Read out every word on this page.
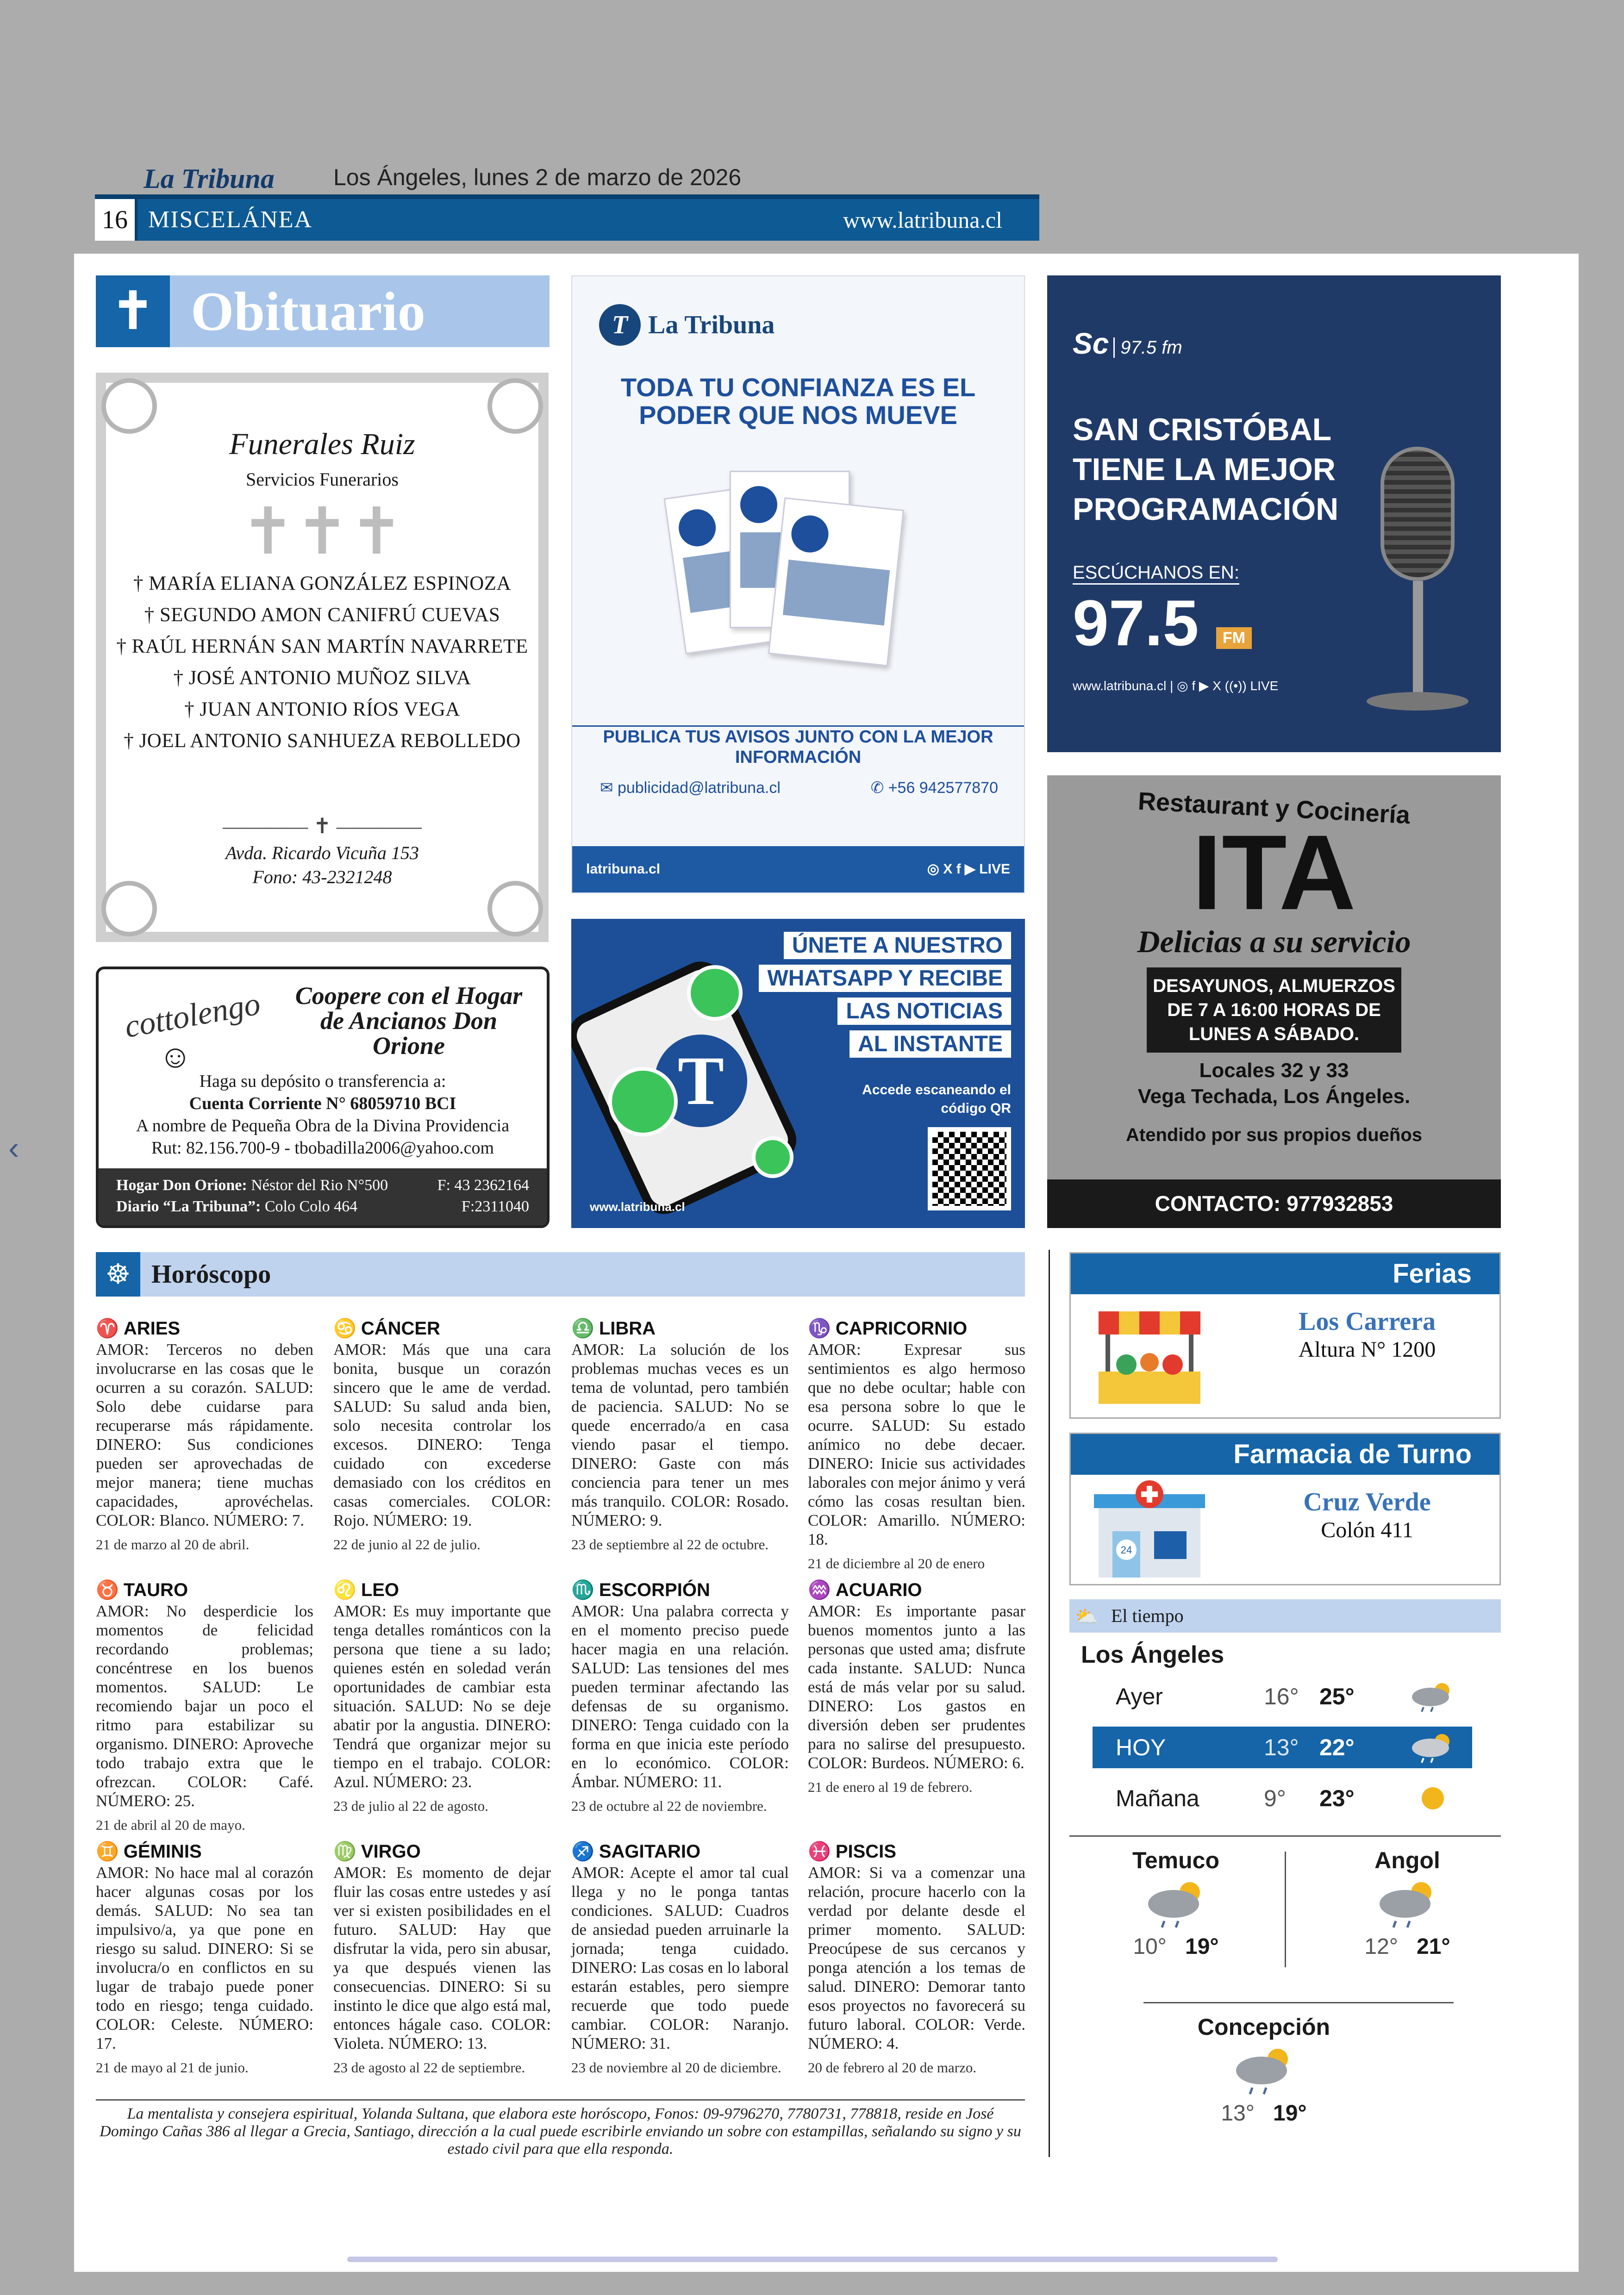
La Tribuna	Los Ángeles, lunes 2 de marzo de 2026
16 MISCELÁNEA	www.latribuna.cl
✝ Obituario
Funerales Ruiz
Servicios Funerarios
✝✝✝
† MARÍA ELIANA GONZÁLEZ ESPINOZA
† SEGUNDO AMON CANIFRÚ CUEVAS
† RAÚL HERNÁN SAN MARTÍN NAVARRETE
† JOSÉ ANTONIO MUÑOZ SILVA
† JUAN ANTONIO RÍOS VEGA
† JOEL ANTONIO SANHUEZA REBOLLEDO
———— ✝ ————
Avda. Ricardo Vicuña 153
Fono: 43-2321248
cottolengo
☺
Coopere con el Hogar de Ancianos Don Orione
Haga su depósito o transferencia a:
Cuenta Corriente N° 68059710 BCI
A nombre de Pequeña Obra de la Divina Providencia
Rut: 82.156.700-9 - tbobadilla2006@yahoo.com
Hogar Don Orione: Néstor del Rio N°500	F: 43 2362164
Diario “La Tribuna”: Colo Colo 464	F:2311040
T La Tribuna
TODA TU CONFIANZA ES EL PODER QUE NOS MUEVE
PUBLICA TUS AVISOS JUNTO CON LA MEJOR INFORMACIÓN
✉ publicidad@latribuna.cl	✆ +56 942577870
latribuna.cl	◎ X f ▶ LIVE
Sc 97.5 fm
SAN CRISTÓBAL TIENE LA MEJOR PROGRAMACIÓN
ESCÚCHANOS EN:
97.5	FM
www.latribuna.cl | ◎ f ▶ X ((•)) LIVE
T
ÚNETE A NUESTRO
WHATSAPP Y RECIBE
LAS NOTICIAS
AL INSTANTE
Accede escaneando el código QR
www.latribuna.cl
Restaurant y Cocinería
ITA
Delicias a su servicio
DESAYUNOS, ALMUERZOS DE 7 A 16:00 HORAS DE LUNES A SÁBADO.
Locales 32 y 33
Vega Techada, Los Ángeles.
Atendido por sus propios dueños
CONTACTO: 977932853
☸ Horóscopo
♈ ARIES
AMOR: Terceros no deben involucrarse en las cosas que le ocurren a su corazón. SALUD: Solo debe cuidarse para recuperarse más rápidamente. DINERO: Sus condiciones pueden ser aprovechadas de mejor manera; tiene muchas capacidades, aprovéchelas. COLOR: Blanco. NÚMERO: 7.
21 de marzo al 20 de abril.
♋ CÁNCER
AMOR: Más que una cara bonita, busque un corazón sincero que le ame de verdad. SALUD: Su salud anda bien, solo necesita controlar los excesos. DINERO: Tenga cuidado con excederse demasiado con los créditos en casas comerciales. COLOR: Rojo. NÚMERO: 19.
22 de junio al 22 de julio.
♎ LIBRA
AMOR: La solución de los problemas muchas veces es un tema de voluntad, pero también de paciencia. SALUD: No se quede encerrado/a en casa viendo pasar el tiempo. DINERO: Gaste con más conciencia para tener un mes más tranquilo. COLOR: Rosado. NÚMERO: 9.
23 de septiembre al 22 de octubre.
♑ CAPRICORNIO
AMOR: Expresar sus sentimientos es algo hermoso que no debe ocultar; hable con esa persona sobre lo que le ocurre. SALUD: Su estado anímico no debe decaer. DINERO: Inicie sus actividades laborales con mejor ánimo y verá cómo las cosas resultan bien. COLOR: Amarillo. NÚMERO: 18.
21 de diciembre al 20 de enero
♉ TAURO
AMOR: No desperdicie los momentos de felicidad recordando problemas; concéntrese en los buenos momentos. SALUD: Le recomiendo bajar un poco el ritmo para estabilizar su organismo. DINERO: Aproveche todo trabajo extra que le ofrezcan. COLOR: Café. NÚMERO: 25.
21 de abril al 20 de mayo.
♌ LEO
AMOR: Es muy importante que tenga detalles románticos con la persona que tiene a su lado; quienes estén en soledad verán oportunidades de cambiar esta situación. SALUD: No se deje abatir por la angustia. DINERO: Tendrá que organizar mejor su tiempo en el trabajo. COLOR: Azul. NÚMERO: 23.
23 de julio al 22 de agosto.
♏ ESCORPIÓN
AMOR: Una palabra correcta y en el momento preciso puede hacer magia en una relación. SALUD: Las tensiones del mes pueden terminar afectando las defensas de su organismo. DINERO: Tenga cuidado con la forma en que inicia este período en lo económico. COLOR: Ámbar. NÚMERO: 11.
23 de octubre al 22 de noviembre.
♒ ACUARIO
AMOR: Es importante pasar buenos momentos junto a las personas que usted ama; disfrute cada instante. SALUD: Nunca está de más velar por su salud. DINERO: Los gastos en diversión deben ser prudentes para no salirse del presupuesto. COLOR: Burdeos. NÚMERO: 6.
21 de enero al 19 de febrero.
♊ GÉMINIS
AMOR: No hace mal al corazón hacer algunas cosas por los demás. SALUD: No sea tan impulsivo/a, ya que pone en riesgo su salud. DINERO: Si se involucra/o en conflictos en su lugar de trabajo puede poner todo en riesgo; tenga cuidado. COLOR: Celeste. NÚMERO: 17.
21 de mayo al 21 de junio.
♍ VIRGO
AMOR: Es momento de dejar fluir las cosas entre ustedes y así ver si existen posibilidades en el futuro. SALUD: Hay que disfrutar la vida, pero sin abusar, ya que después vienen las consecuencias. DINERO: Si su instinto le dice que algo está mal, entonces hágale caso. COLOR: Violeta. NÚMERO: 13.
23 de agosto al 22 de septiembre.
♐ SAGITARIO
AMOR: Acepte el amor tal cual llega y no le ponga tantas condiciones. SALUD: Cuadros de ansiedad pueden arruinarle la jornada; tenga cuidado. DINERO: Las cosas en lo laboral estarán estables, pero siempre recuerde que todo puede cambiar. COLOR: Naranjo. NÚMERO: 31.
23 de noviembre al 20 de diciembre.
♓ PISCIS
AMOR: Si va a comenzar una relación, procure hacerlo con la verdad por delante desde el primer momento. SALUD: Preocúpese de sus cercanos y ponga atención a los temas de salud. DINERO: Demorar tanto esos proyectos no favorecerá su futuro laboral. COLOR: Verde. NÚMERO: 4.
20 de febrero al 20 de marzo.
La mentalista y consejera espiritual, Yolanda Sultana, que elabora este horóscopo, Fonos: 09-9796270, 7780731, 778818, reside en José Domingo Cañas 386 al llegar a Grecia, Santiago, dirección a la cual puede escribirle enviando un sobre con estampillas, señalando su signo y su estado civil para que ella responda.
Ferias
Los Carrera
Altura N° 1200
Farmacia de Turno
24
Cruz Verde
Colón 411
⛅ El tiempo
Los Ángeles
Ayer	16° 25°
HOY	13° 22°
Mañana	9° 23°
Temuco
10° 19°
Angol
12° 21°
Concepción
13° 19°
‹
